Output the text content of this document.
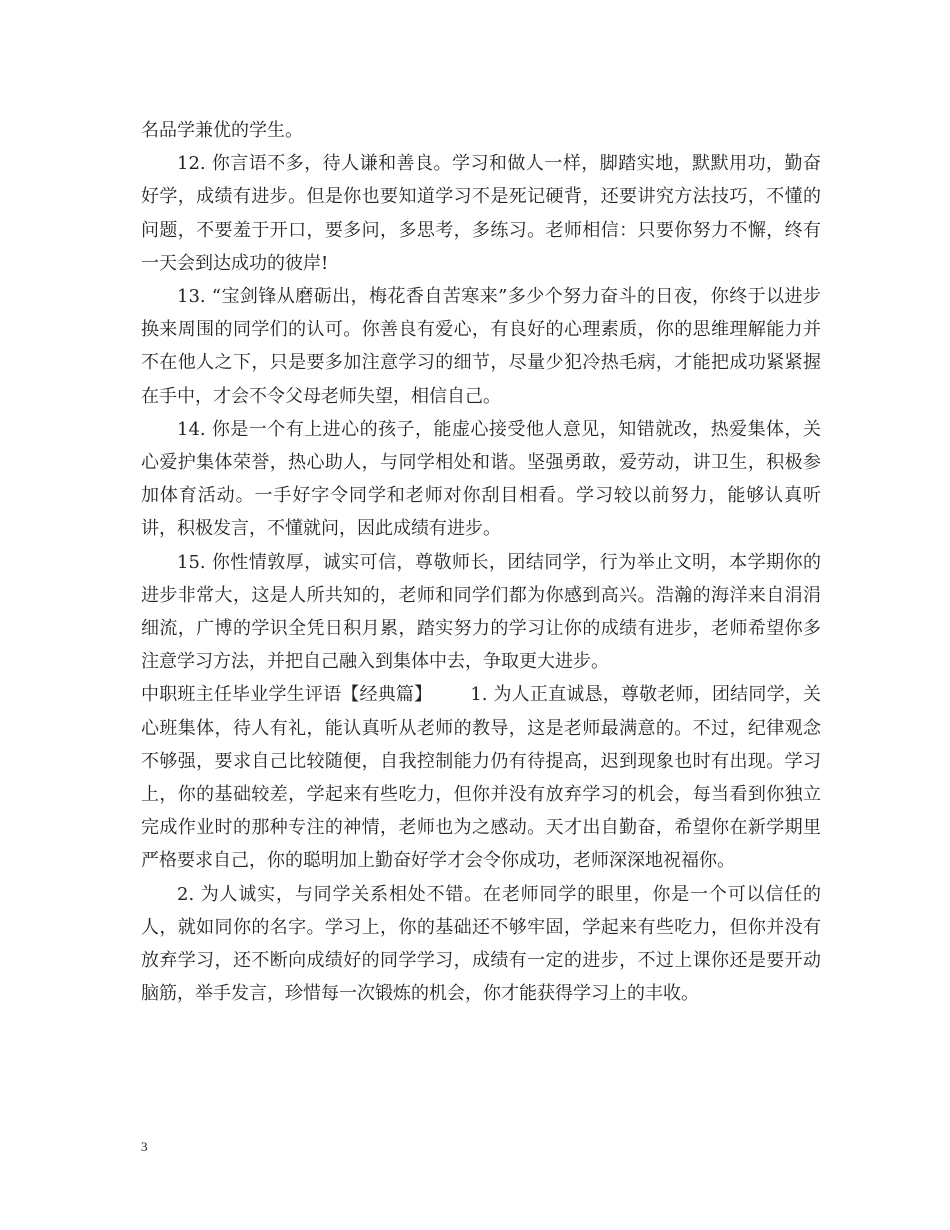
名品学兼优的学生。

12. 你言语不多，待人谦和善良。学习和做人一样，脚踏实地，默默用功，勤奋好学，成绩有进步。但是你也要知道学习不是死记硬背，还要讲究方法技巧，不懂的问题，不要羞于开口，要多问，多思考，多练习。老师相信：只要你努力不懈，终有一天会到达成功的彼岸!

13. “宝剑锋从磨砺出，梅花香自苦寒来”多少个努力奋斗的日夜，你终于以进步换来周围的同学们的认可。你善良有爱心，有良好的心理素质，你的思维理解能力并不在他人之下，只是要多加注意学习的细节，尽量少犯冷热毛病，才能把成功紧紧握在手中，才会不令父母老师失望，相信自己。

14. 你是一个有上进心的孩子，能虚心接受他人意见，知错就改，热爱集体，关心爱护集体荣誉，热心助人，与同学相处和谐。坚强勇敢，爱劳动，讲卫生，积极参加体育活动。一手好字令同学和老师对你刮目相看。学习较以前努力，能够认真听讲，积极发言，不懂就问，因此成绩有进步。

15. 你性情敦厚，诚实可信，尊敬师长，团结同学，行为举止文明，本学期你的进步非常大，这是人所共知的，老师和同学们都为你感到高兴。浩瀚的海洋来自涓涓细流，广博的学识全凭日积月累，踏实努力的学习让你的成绩有进步，老师希望你多注意学习方法，并把自己融入到集体中去，争取更大进步。

中职班主任毕业学生评语【经典篇】 1. 为人正直诚恳，尊敬老师，团结同学，关心班集体，待人有礼，能认真听从老师的教导，这是老师最满意的。不过，纪律观念不够强，要求自己比较随便，自我控制能力仍有待提高，迟到现象也时有出现。学习上，你的基础较差，学起来有些吃力，但你并没有放弃学习的机会，每当看到你独立完成作业时的那种专注的神情，老师也为之感动。天才出自勤奋，希望你在新学期里严格要求自己，你的聪明加上勤奋好学才会令你成功，老师深深地祝福你。

2. 为人诚实，与同学关系相处不错。在老师同学的眼里，你是一个可以信任的人，就如同你的名字。学习上，你的基础还不够牢固，学起来有些吃力，但你并没有放弃学习，还不断向成绩好的同学学习，成绩有一定的进步，不过上课你还是要开动脑筋，举手发言，珍惜每一次锻炼的机会，你才能获得学习上的丰收。

3
